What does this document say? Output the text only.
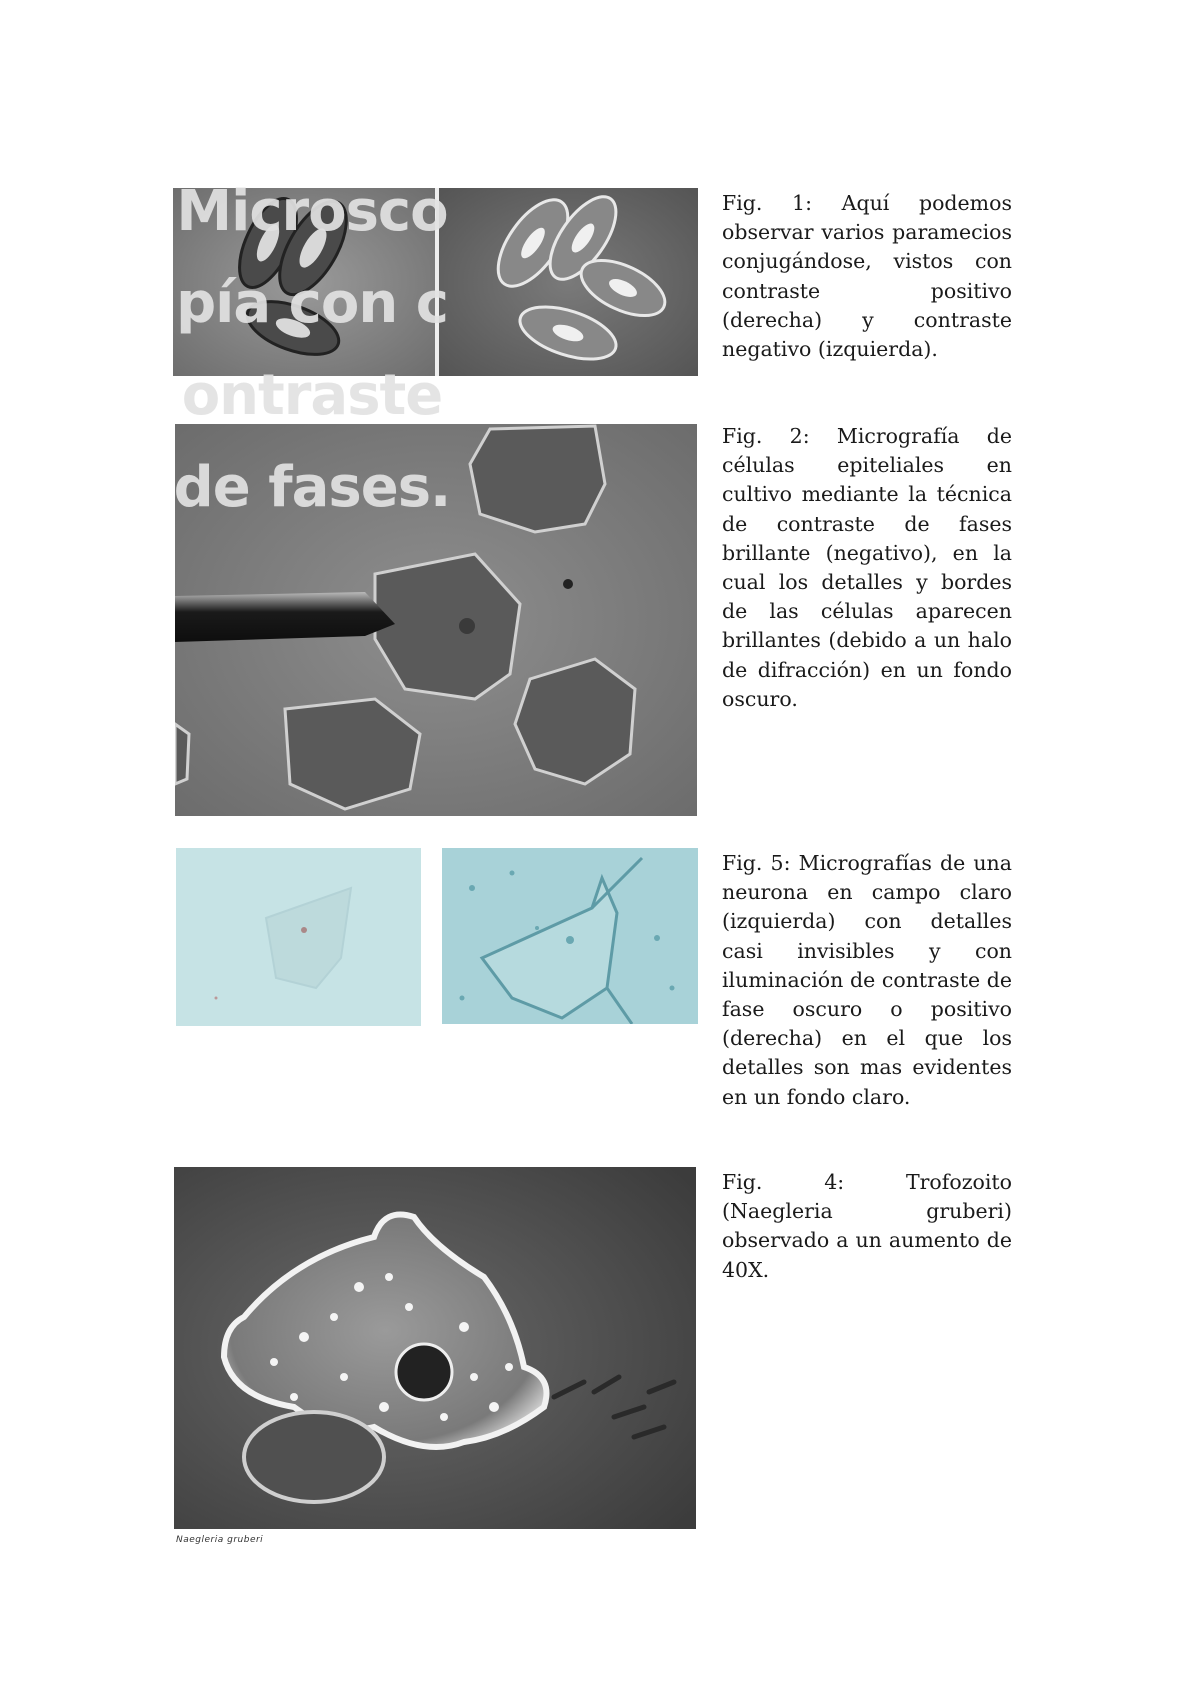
Naegleria gruberi

Microscopía con contraste de fases.

Fig. 1: Aquí podemos observar varios paramecios conjugándose, vistos con contraste positivo (derecha) y contraste negativo (izquierda).

Fig. 2: Micrografía de células epiteliales en cultivo mediante la técnica de contraste de fases brillante (negativo), en la cual los detalles y bordes de las células aparecen brillantes (debido a un halo de difracción) en un fondo oscuro.

Fig. 5: Micrografías de una neurona en campo claro (izquierda) con detalles casi invisibles y con iluminación de contraste de fase oscuro o positivo (derecha) en el que los detalles son mas evidentes en un fondo claro.

Fig. 4: Trofozoito (Naegleria gruberi) observado a un aumento de 40X.
